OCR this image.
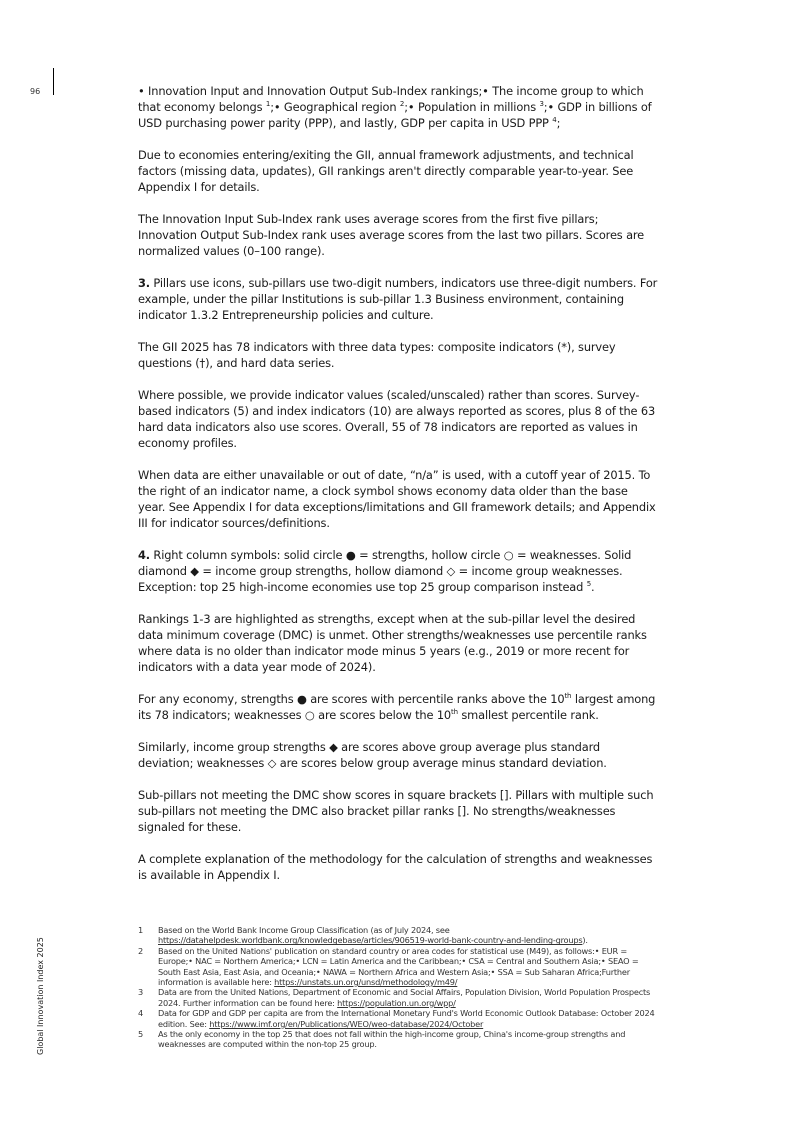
96
Global Innovation Index 2025

• Innovation Input and Innovation Output Sub-Index rankings;• The income group to which that economy belongs $^1$;• Geographical region $^2$;• Population in millions $^3$;• GDP in billions of USD purchasing power parity (PPP), and lastly, GDP per capita in USD PPP $^4$;

Due to economies entering/exiting the GII, annual framework adjustments, and technical factors (missing data, updates), GII rankings aren't directly comparable year-to-year. See Appendix I for details.

The Innovation Input Sub-Index rank uses average scores from the first five pillars; Innovation Output Sub-Index rank uses average scores from the last two pillars. Scores are normalized values (0–100 range).

3. Pillars use icons, sub-pillars use two-digit numbers, indicators use three-digit numbers. For example, under the pillar Institutions is sub-pillar 1.3 Business environment, containing indicator 1.3.2 Entrepreneurship policies and culture.

The GII 2025 has 78 indicators with three data types: composite indicators (*), survey questions (†), and hard data series.

Where possible, we provide indicator values (scaled/unscaled) rather than scores. Survey-based indicators (5) and index indicators (10) are always reported as scores, plus 8 of the 63 hard data indicators also use scores. Overall, 55 of 78 indicators are reported as values in economy profiles.

When data are either unavailable or out of date, “n/a” is used, with a cutoff year of 2015. To the right of an indicator name, a clock symbol shows economy data older than the base year. See Appendix I for data exceptions/limitations and GII framework details; and Appendix III for indicator sources/definitions.

4. Right column symbols: solid circle ● = strengths, hollow circle ○ = weaknesses. Solid diamond ◆ = income group strengths, hollow diamond ◇ = income group weaknesses. Exception: top 25 high-income economies use top 25 group comparison instead $^5$.

Rankings 1-3 are highlighted as strengths, except when at the sub-pillar level the desired data minimum coverage (DMC) is unmet. Other strengths/weaknesses use percentile ranks where data is no older than indicator mode minus 5 years (e.g., 2019 or more recent for indicators with a data year mode of 2024).

For any economy, strengths ● are scores with percentile ranks above the 10th largest among its 78 indicators; weaknesses ○ are scores below the 10th smallest percentile rank.

Similarly, income group strengths ◆ are scores above group average plus standard deviation; weaknesses ◇ are scores below group average minus standard deviation.

Sub-pillars not meeting the DMC show scores in square brackets []. Pillars with multiple such sub-pillars not meeting the DMC also bracket pillar ranks []. No strengths/weaknesses signaled for these.

A complete explanation of the methodology for the calculation of strengths and weaknesses is available in Appendix I.

1	Based on the World Bank Income Group Classification (as of July 2024, see https://datahelpdesk.worldbank.org/knowledgebase/articles/906519-world-bank-country-and-lending-groups).
2	Based on the United Nations' publication on standard country or area codes for statistical use (M49), as follows:• EUR = Europe;• NAC = Northern America;• LCN = Latin America and the Caribbean;• CSA = Central and Southern Asia;• SEAO = South East Asia, East Asia, and Oceania;• NAWA = Northern Africa and Western Asia;• SSA = Sub Saharan Africa;Further information is available here: https://unstats.un.org/unsd/methodology/m49/
3	Data are from the United Nations, Department of Economic and Social Affairs, Population Division, World Population Prospects 2024. Further information can be found here: https://population.un.org/wpp/
4	Data for GDP and GDP per capita are from the International Monetary Fund's World Economic Outlook Database: October 2024 edition. See: https://www.imf.org/en/Publications/WEO/weo-database/2024/October
5	As the only economy in the top 25 that does not fall within the high-income group, China's income-group strengths and weaknesses are computed within the non-top 25 group.
